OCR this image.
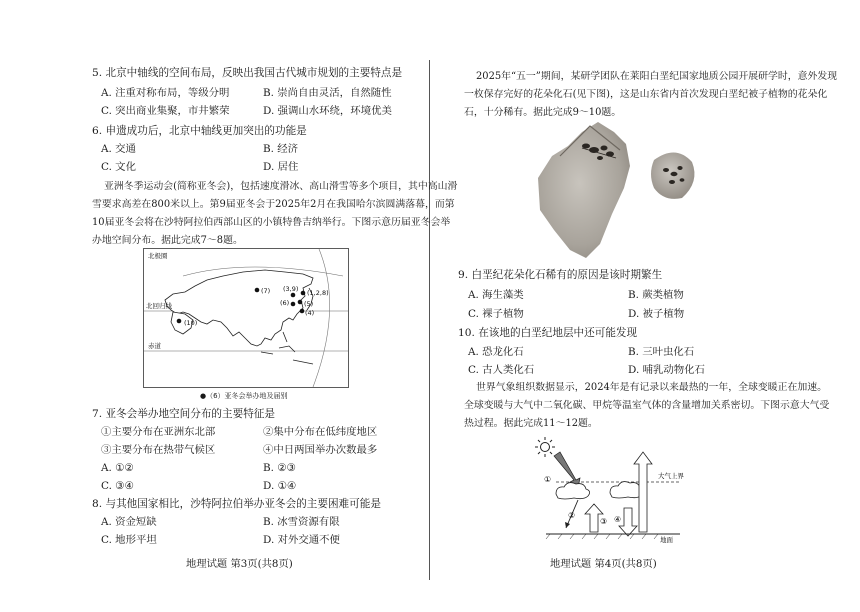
5. 北京中轴线的空间布局，反映出我国古代城市规划的主要特点是
A. 注重对称布局，等级分明	B. 崇尚自由灵活，自然随性
C. 突出商业集聚，市井繁荣	D. 强调山水环绕，环境优美
6. 申遗成功后，北京中轴线更加突出的功能是
A. 交通	B. 经济
C. 文化	D. 居住
亚洲冬季运动会(简称亚冬会)，包括速度滑冰、高山滑雪等多个项目，其中高山滑
雪要求高差在800米以上。第9届亚冬会于2025年2月在我国哈尔滨圆满落幕，而第
10届亚冬会将在沙特阿拉伯西部山区的小镇特鲁吉纳举行。下图示意历届亚冬会举
办地空间分布。据此完成7～8题。
(7) (3,9) (1,2,8)
(6) (5)
(4)
(10)
北极圈
北回归线
赤道
●（6）亚冬会举办地及届别
7. 亚冬会举办地空间分布的主要特征是
①主要分布在亚洲东北部	②集中分布在低纬度地区
③主要分布在热带气候区	④中日两国举办次数最多
A. ①②	B. ②③
C. ③④	D. ①④
8. 与其他国家相比，沙特阿拉伯举办亚冬会的主要困难可能是
A. 资金短缺	B. 冰雪资源有限
C. 地形平坦	D. 对外交通不便
地理试题 第3页(共8页)
2025年“五一”期间，某研学团队在莱阳白垩纪国家地质公园开展研学时，意外发现
一枚保存完好的花朵化石(见下图)，这是山东省内首次发现白垩纪被子植物的花朵化
石，十分稀有。据此完成9～10题。
9. 白垩纪花朵化石稀有的原因是该时期繁生
A. 海生藻类	B. 蕨类植物
C. 裸子植物	D. 被子植物
10. 在该地的白垩纪地层中还可能发现
A. 恐龙化石	B. 三叶虫化石
C. 古人类化石	D. 哺乳动物化石
世界气象组织数据显示，2024年是有记录以来最热的一年，全球变暖正在加速。
全球变暖与大气中二氧化碳、甲烷等温室气体的含量增加关系密切。下图示意大气受
热过程。据此完成11～12题。
大气上界
地面
①
②
③ ④
地理试题 第4页(共8页)
